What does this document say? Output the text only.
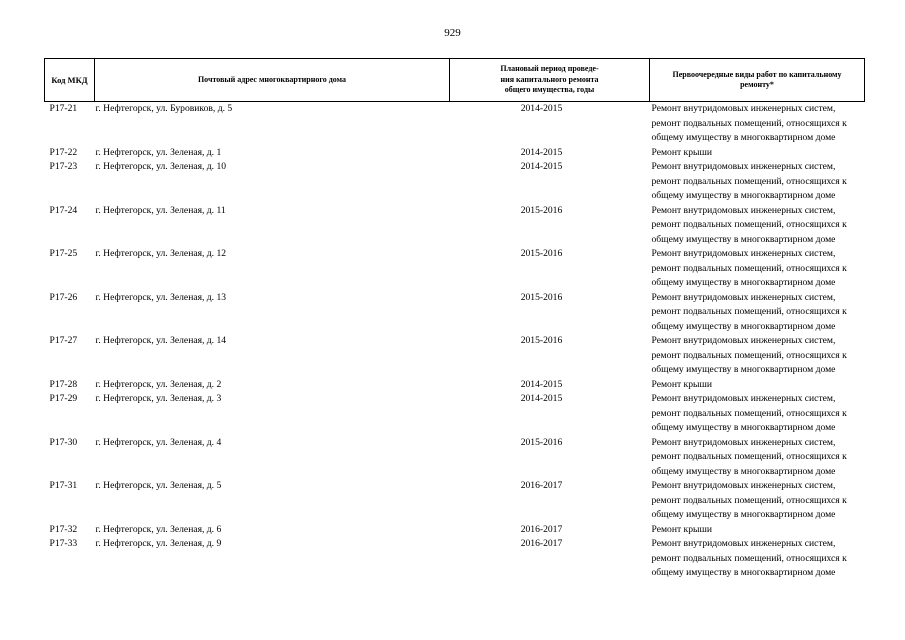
929
Код МКД	Почтовый адрес многоквартирного дома	Плановый период проведе-
ния капитального ремонта
общего имущества, годы	Первоочередные виды работ по капитальному
ремонту*

Р17-21	г. Нефтегорск, ул. Буровиков, д. 5	2014-2015	Ремонт внутридомовых инженерных систем,
ремонт подвальных помещений, относящихся к
общему имуществу в многоквартирном доме

Р17-22	г. Нефтегорск, ул. Зеленая, д. 1	2014-2015	Ремонт крыши

Р17-23	г. Нефтегорск, ул. Зеленая, д. 10	2014-2015	Ремонт внутридомовых инженерных систем,
ремонт подвальных помещений, относящихся к
общему имуществу в многоквартирном доме

Р17-24	г. Нефтегорск, ул. Зеленая, д. 11	2015-2016	Ремонт внутридомовых инженерных систем,
ремонт подвальных помещений, относящихся к
общему имуществу в многоквартирном доме

Р17-25	г. Нефтегорск, ул. Зеленая, д. 12	2015-2016	Ремонт внутридомовых инженерных систем,
ремонт подвальных помещений, относящихся к
общему имуществу в многоквартирном доме

Р17-26	г. Нефтегорск, ул. Зеленая, д. 13	2015-2016	Ремонт внутридомовых инженерных систем,
ремонт подвальных помещений, относящихся к
общему имуществу в многоквартирном доме

Р17-27	г. Нефтегорск, ул. Зеленая, д. 14	2015-2016	Ремонт внутридомовых инженерных систем,
ремонт подвальных помещений, относящихся к
общему имуществу в многоквартирном доме

Р17-28	г. Нефтегорск, ул. Зеленая, д. 2	2014-2015	Ремонт крыши

Р17-29	г. Нефтегорск, ул. Зеленая, д. 3	2014-2015	Ремонт внутридомовых инженерных систем,
ремонт подвальных помещений, относящихся к
общему имуществу в многоквартирном доме

Р17-30	г. Нефтегорск, ул. Зеленая, д. 4	2015-2016	Ремонт внутридомовых инженерных систем,
ремонт подвальных помещений, относящихся к
общему имуществу в многоквартирном доме

Р17-31	г. Нефтегорск, ул. Зеленая, д. 5	2016-2017	Ремонт внутридомовых инженерных систем,
ремонт подвальных помещений, относящихся к
общему имуществу в многоквартирном доме

Р17-32	г. Нефтегорск, ул. Зеленая, д. 6	2016-2017	Ремонт крыши

Р17-33	г. Нефтегорск, ул. Зеленая, д. 9	2016-2017	Ремонт внутридомовых инженерных систем,
ремонт подвальных помещений, относящихся к
общему имуществу в многоквартирном доме
